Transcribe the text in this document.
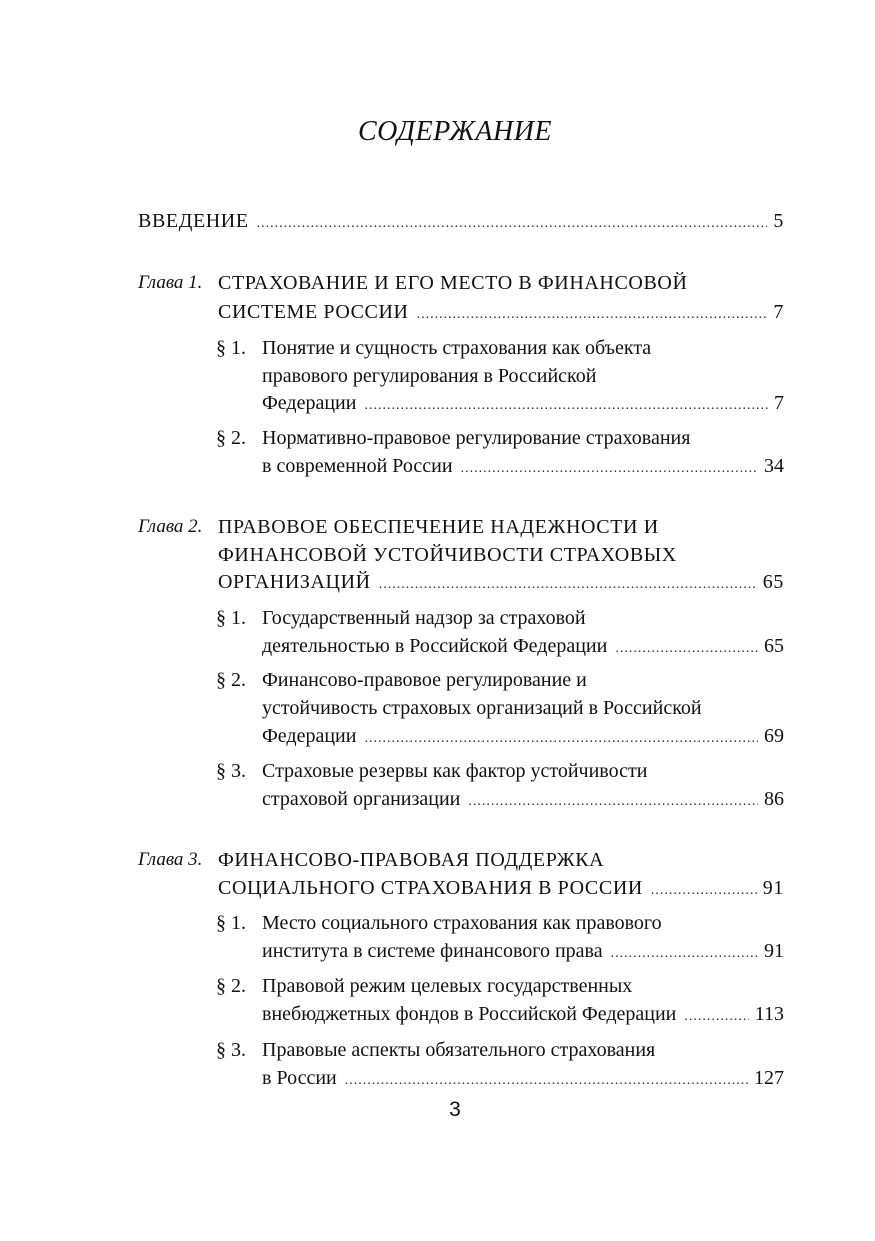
СОДЕРЖАНИЕ
ВВЕДЕНИЕ .....	5
Глава 1. СТРАХОВАНИЕ И ЕГО МЕСТО В ФИНАНСОВОЙ
СИСТЕМЕ РОССИИ .....	7
§ 1. Понятие и сущность страхования как объекта
правового регулирования в Российской
Федерации .....	7
§ 2. Нормативно-правовое регулирование страхования
в современной России .....	34
Глава 2. ПРАВОВОЕ ОБЕСПЕЧЕНИЕ НАДЕЖНОСТИ И
ФИНАНСОВОЙ УСТОЙЧИВОСТИ СТРАХОВЫХ
ОРГАНИЗАЦИЙ .....	65
§ 1. Государственный надзор за страховой
деятельностью в Российской Федерации .....	65
§ 2. Финансово-правовое регулирование и
устойчивость страховых организаций в Российской
Федерации .....	69
§ 3. Страховые резервы как фактор устойчивости
страховой организации .....	86
Глава 3. ФИНАНСОВО-ПРАВОВАЯ ПОДДЕРЖКА
СОЦИАЛЬНОГО СТРАХОВАНИЯ В РОССИИ .....	91
§ 1. Место социального страхования как правового
института в системе финансового права .....	91
§ 2. Правовой режим целевых государственных
внебюджетных фондов в Российской Федерации .....	113
§ 3. Правовые аспекты обязательного страхования
в России .....	127
3
